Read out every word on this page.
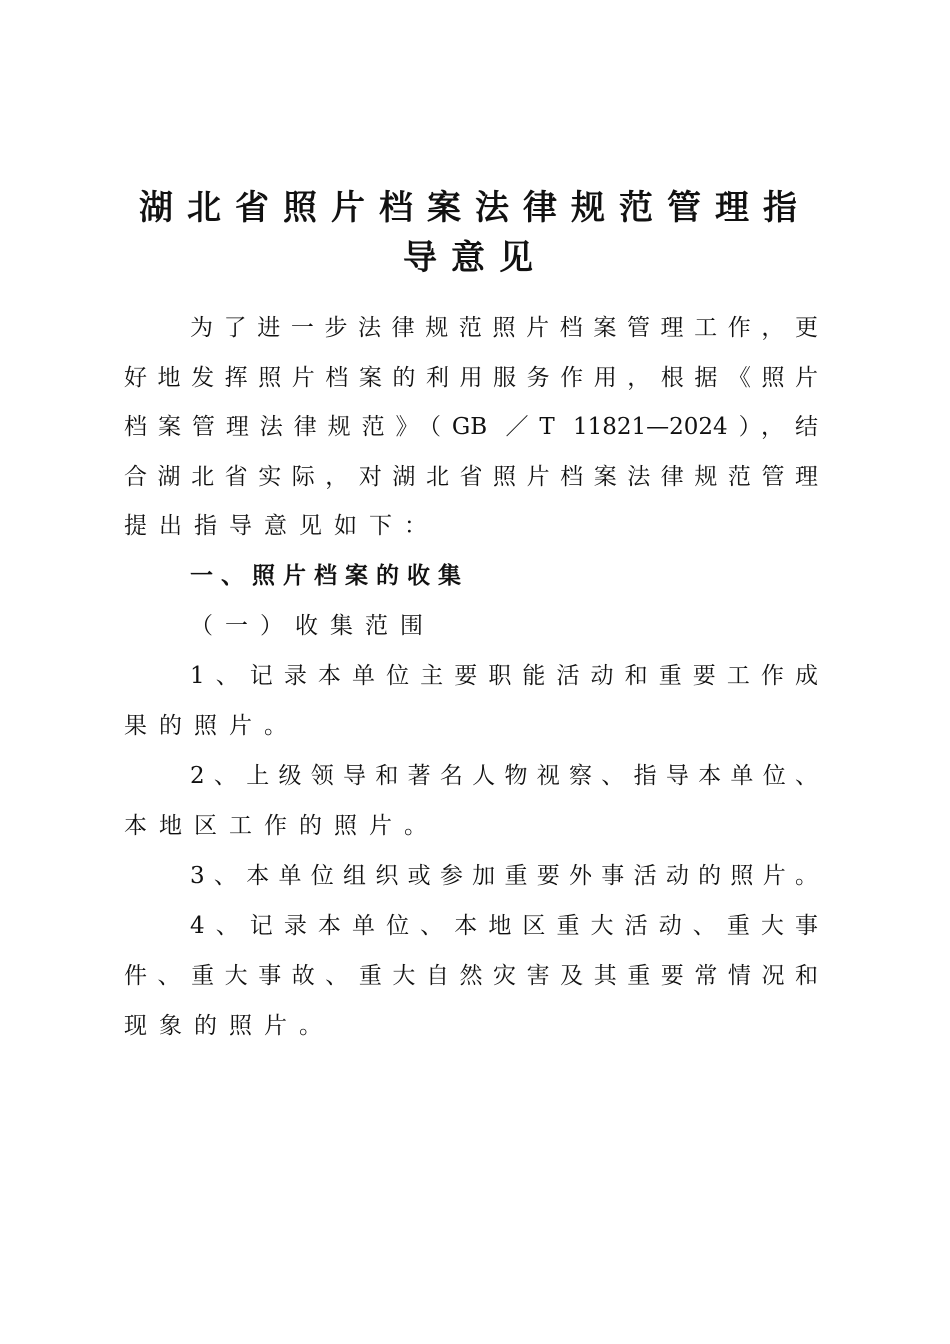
湖北省照片档案法律规范管理指
导意见

为了进一步法律规范照片档案管理工作，更

好地发挥照片档案的利用服务作用，根据《照片

档案管理法律规范》（GB ／T 11821—2024），结

合湖北省实际，对湖北省照片档案法律规范管理

提出指导意见如下：

一、照片档案的收集

（一）收集范围

1、记录本单位主要职能活动和重要工作成

果的照片。

2、上级领导和著名人物视察、指导本单位、

本地区工作的照片。

3、本单位组织或参加重要外事活动的照片。

4、记录本单位、本地区重大活动、重大事

件、重大事故、重大自然灾害及其重要常情况和

现象的照片。
